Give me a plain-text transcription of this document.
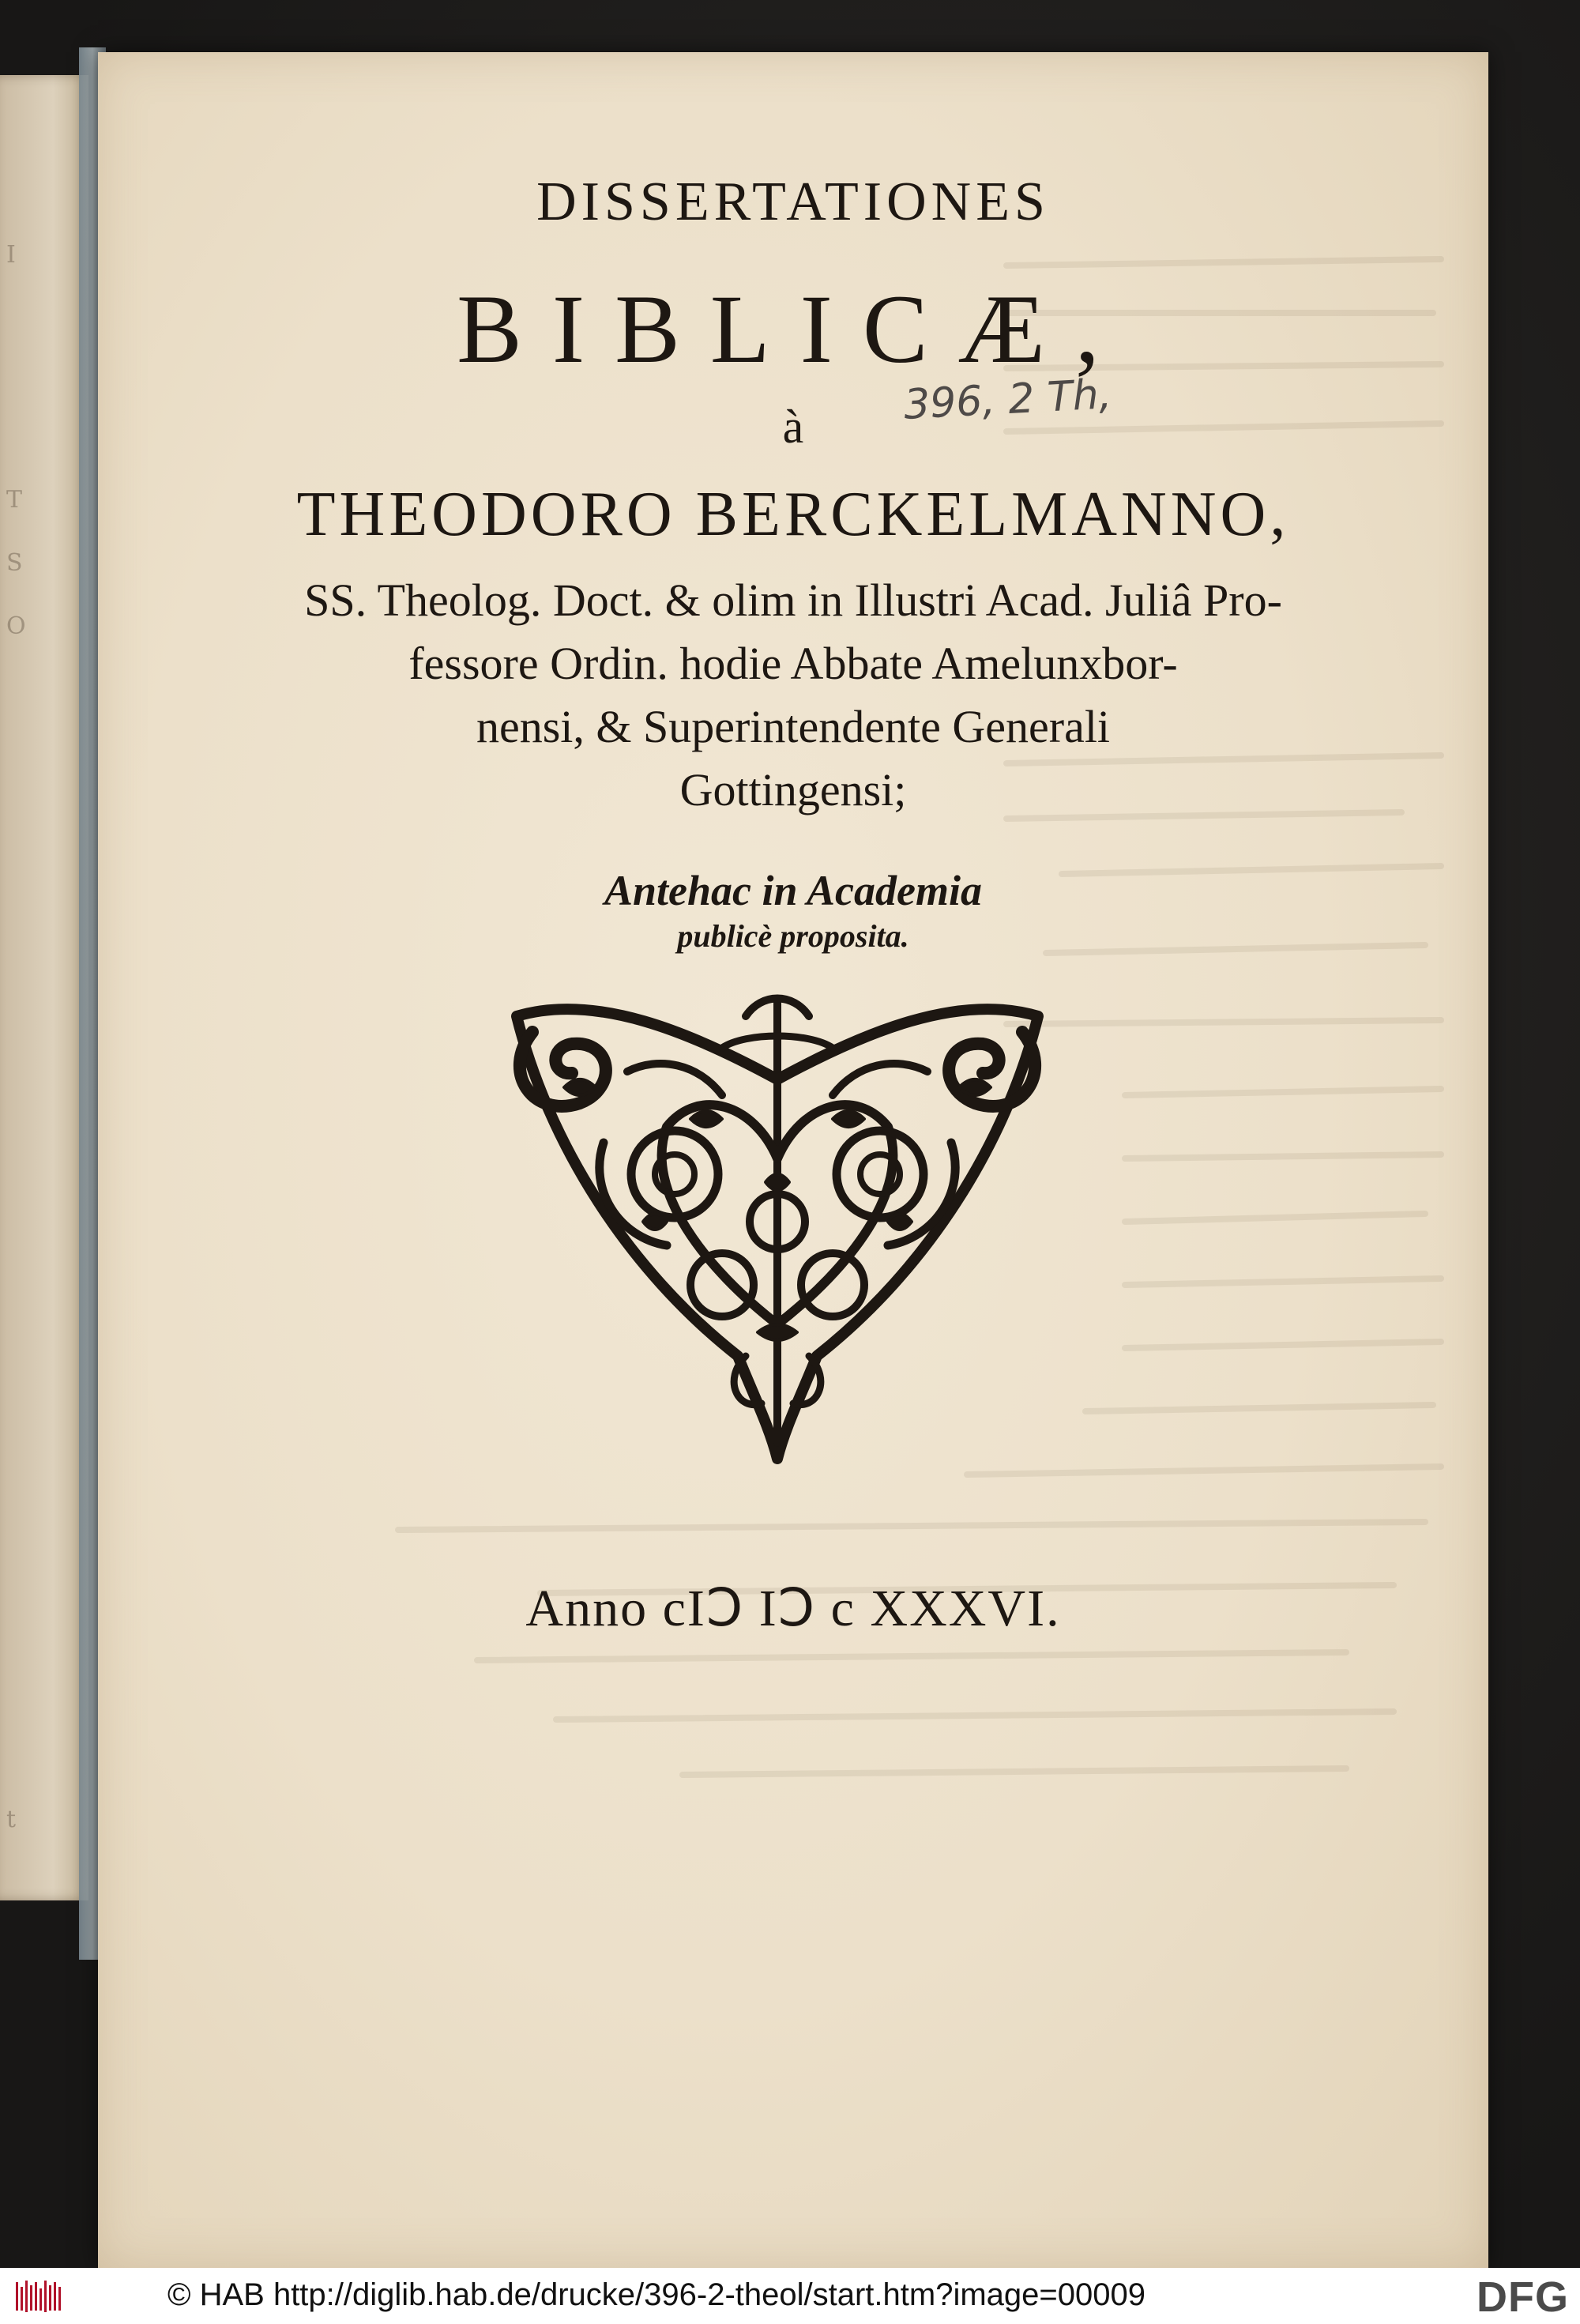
I
T
S
O
t
DISSERTATIONES
BIBLICÆ,
396, 2 Th,
à
THEODORO BERCKELMANNO,
SS. Theolog. Doct. & olim in Illustri Acad. Juliâ Pro-
fessore Ordin. hodie Abbate Amelunxbor-
nensi, & Superintendente Generali
Gottingensi;
Antehac in Academia
publicè proposita.
Anno cIↃ IↃ c XXXVI.
© HAB http://diglib.hab.de/drucke/396-2-theol/start.htm?image=00009	DFG
